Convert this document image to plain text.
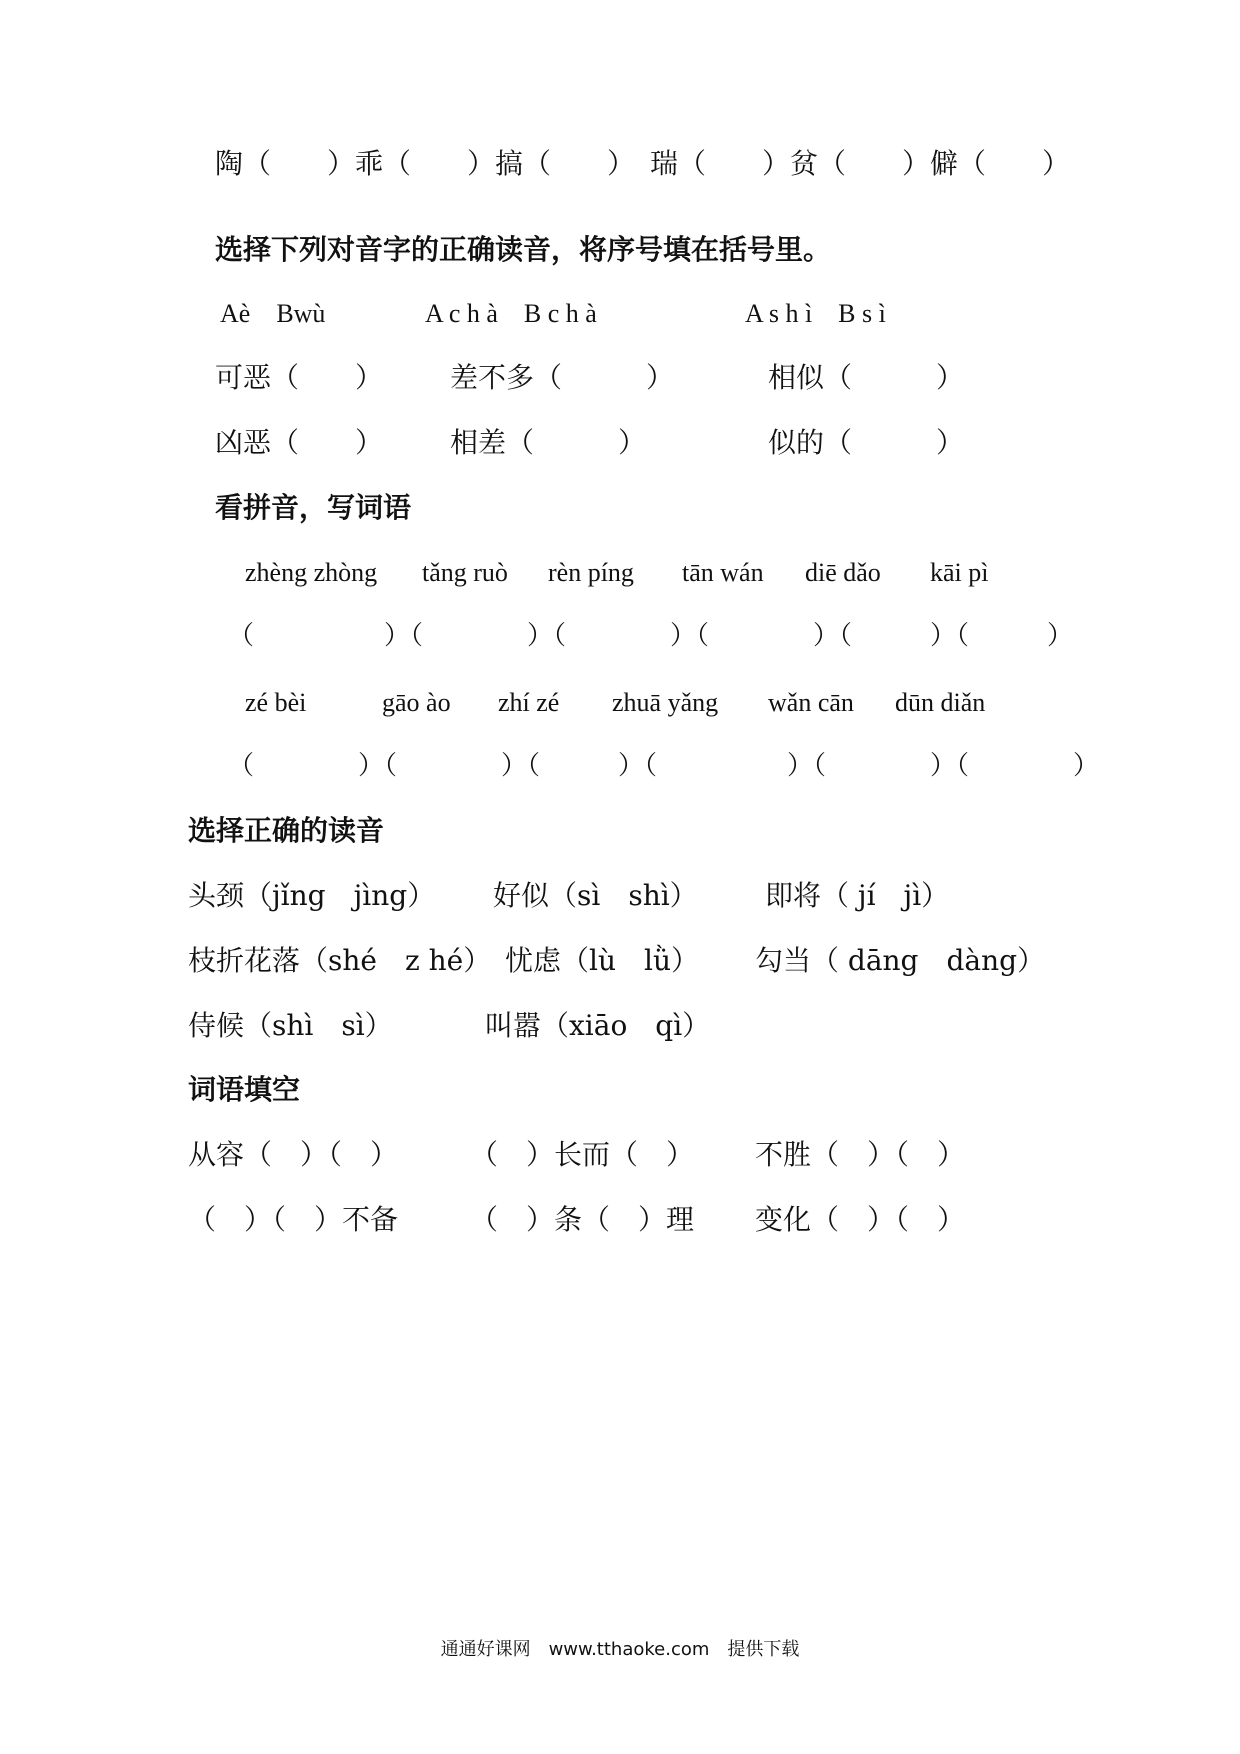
陶（　　）乖（　　）搞（　　） 瑞（　　）贫（　　）僻（　　）
选择下列对音字的正确读音，将序号填在括号里。
Aè　Bwù	A c h à　B c h à	A s h ì　B s ì
可恶（　　） 差不多（　　　）	相似（　　　）
凶恶（　　） 相差（　　　）	似的（　　　）
看拼音，写词语
zhèng zhòng tǎng ruò rèn píng tān wán diē dǎo kāi pì
（　　　　　）（　　　　）（　　　　）（　　　　）（　　　）（　　　）
zé bèi	gāo ào zhí zé zhuā yǎng wǎn cān dūn diǎn
（　　　　）（　　　　）（　　　）（　　　　　）（　　　　）（　　　　）
选择正确的读音
头颈（jǐng　jìng） 好似（sì　shì） 即将（ jí　jì）
枝折花落（shé　z hé） 忧虑（lù　lǜ） 勾当（ dāng　dàng）
侍候（shì　sì）	叫嚣（xiāo　qì）
词语填空
从容（　）（　）	（　）长而（　） 不胜（　）（　）
（　）（　）不备	（　）条（　）理 变化（　）（　）
通通好课网　www.tthaoke.com　提供下载
